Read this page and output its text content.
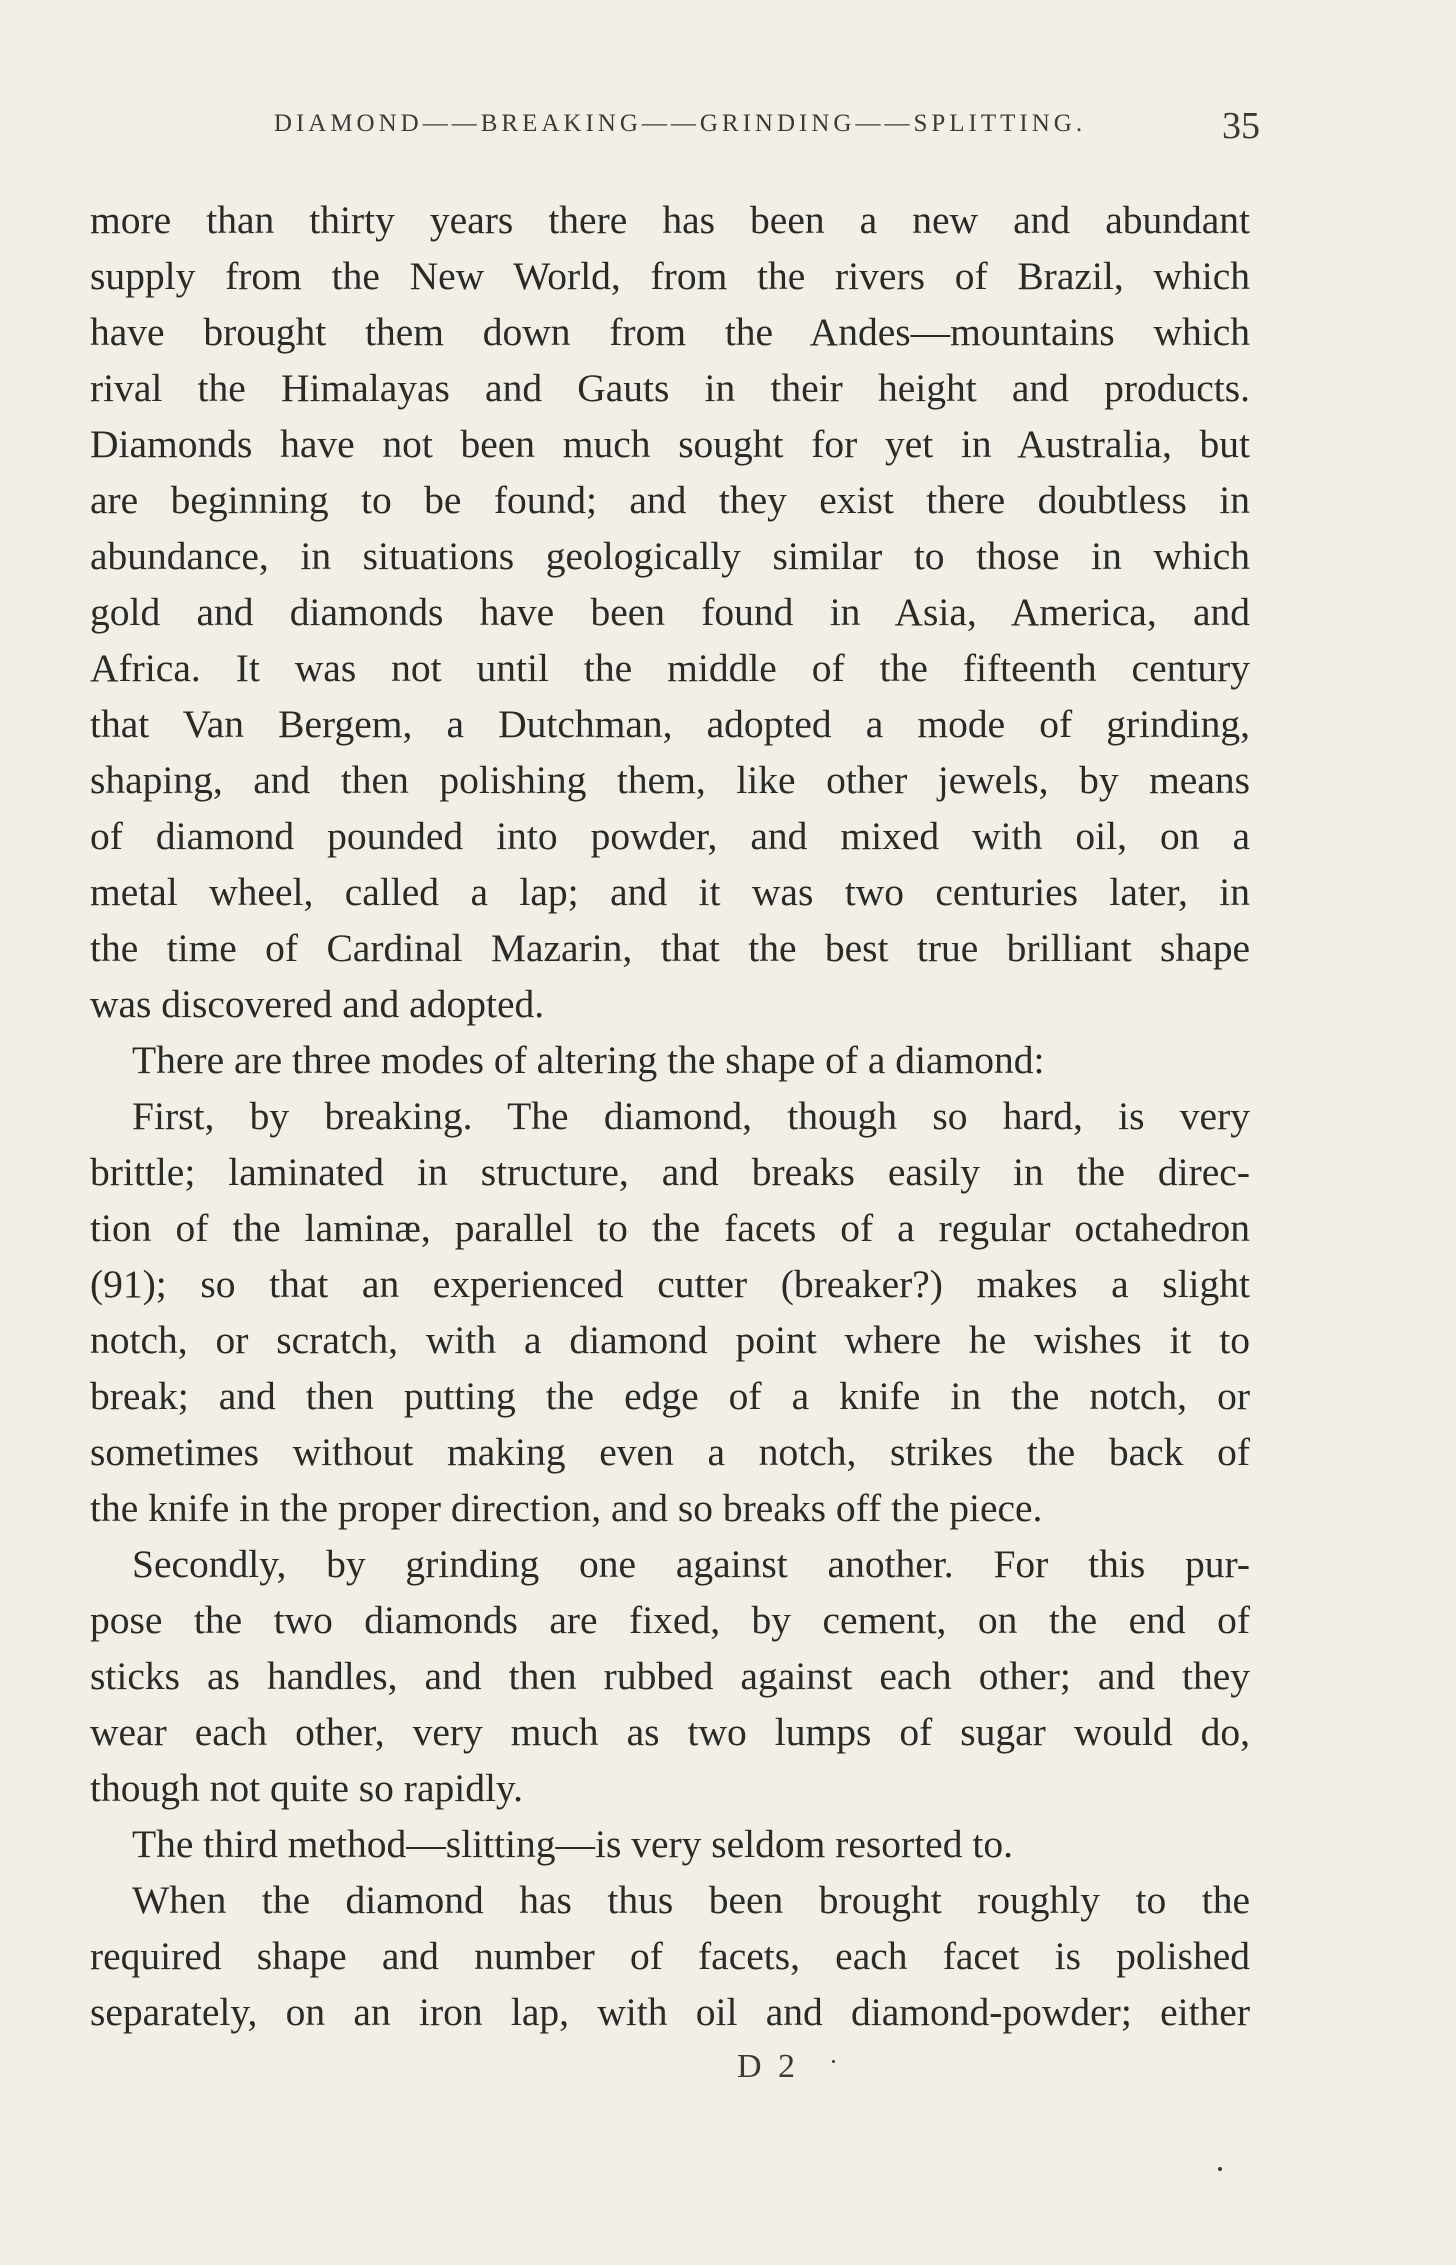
DIAMOND——BREAKING——GRINDING——SPLITTING.	35
more than thirty years there has been a new and abundant
supply from the New World, from the rivers of Brazil, which
have brought them down from the Andes—mountains which
rival the Himalayas and Gauts in their height and products.
Diamonds have not been much sought for yet in Australia, but
are beginning to be found; and they exist there doubtless in
abundance, in situations geologically similar to those in which
gold and diamonds have been found in Asia, America, and
Africa. It was not until the middle of the fifteenth century
that Van Bergem, a Dutchman, adopted a mode of grinding,
shaping, and then polishing them, like other jewels, by means
of diamond pounded into powder, and mixed with oil, on a
metal wheel, called a lap; and it was two centuries later, in
the time of Cardinal Mazarin, that the best true brilliant shape
was discovered and adopted.
There are three modes of altering the shape of a diamond:
First, by breaking. The diamond, though so hard, is very
brittle; laminated in structure, and breaks easily in the direc-
tion of the laminæ, parallel to the facets of a regular octahedron
(91); so that an experienced cutter (breaker?) makes a slight
notch, or scratch, with a diamond point where he wishes it to
break; and then putting the edge of a knife in the notch, or
sometimes without making even a notch, strikes the back of
the knife in the proper direction, and so breaks off the piece.
Secondly, by grinding one against another. For this pur-
pose the two diamonds are fixed, by cement, on the end of
sticks as handles, and then rubbed against each other; and they
wear each other, very much as two lumps of sugar would do,
though not quite so rapidly.
The third method—slitting—is very seldom resorted to.
When the diamond has thus been brought roughly to the
required shape and number of facets, each facet is polished
separately, on an iron lap, with oil and diamond-powder; either
D 2
